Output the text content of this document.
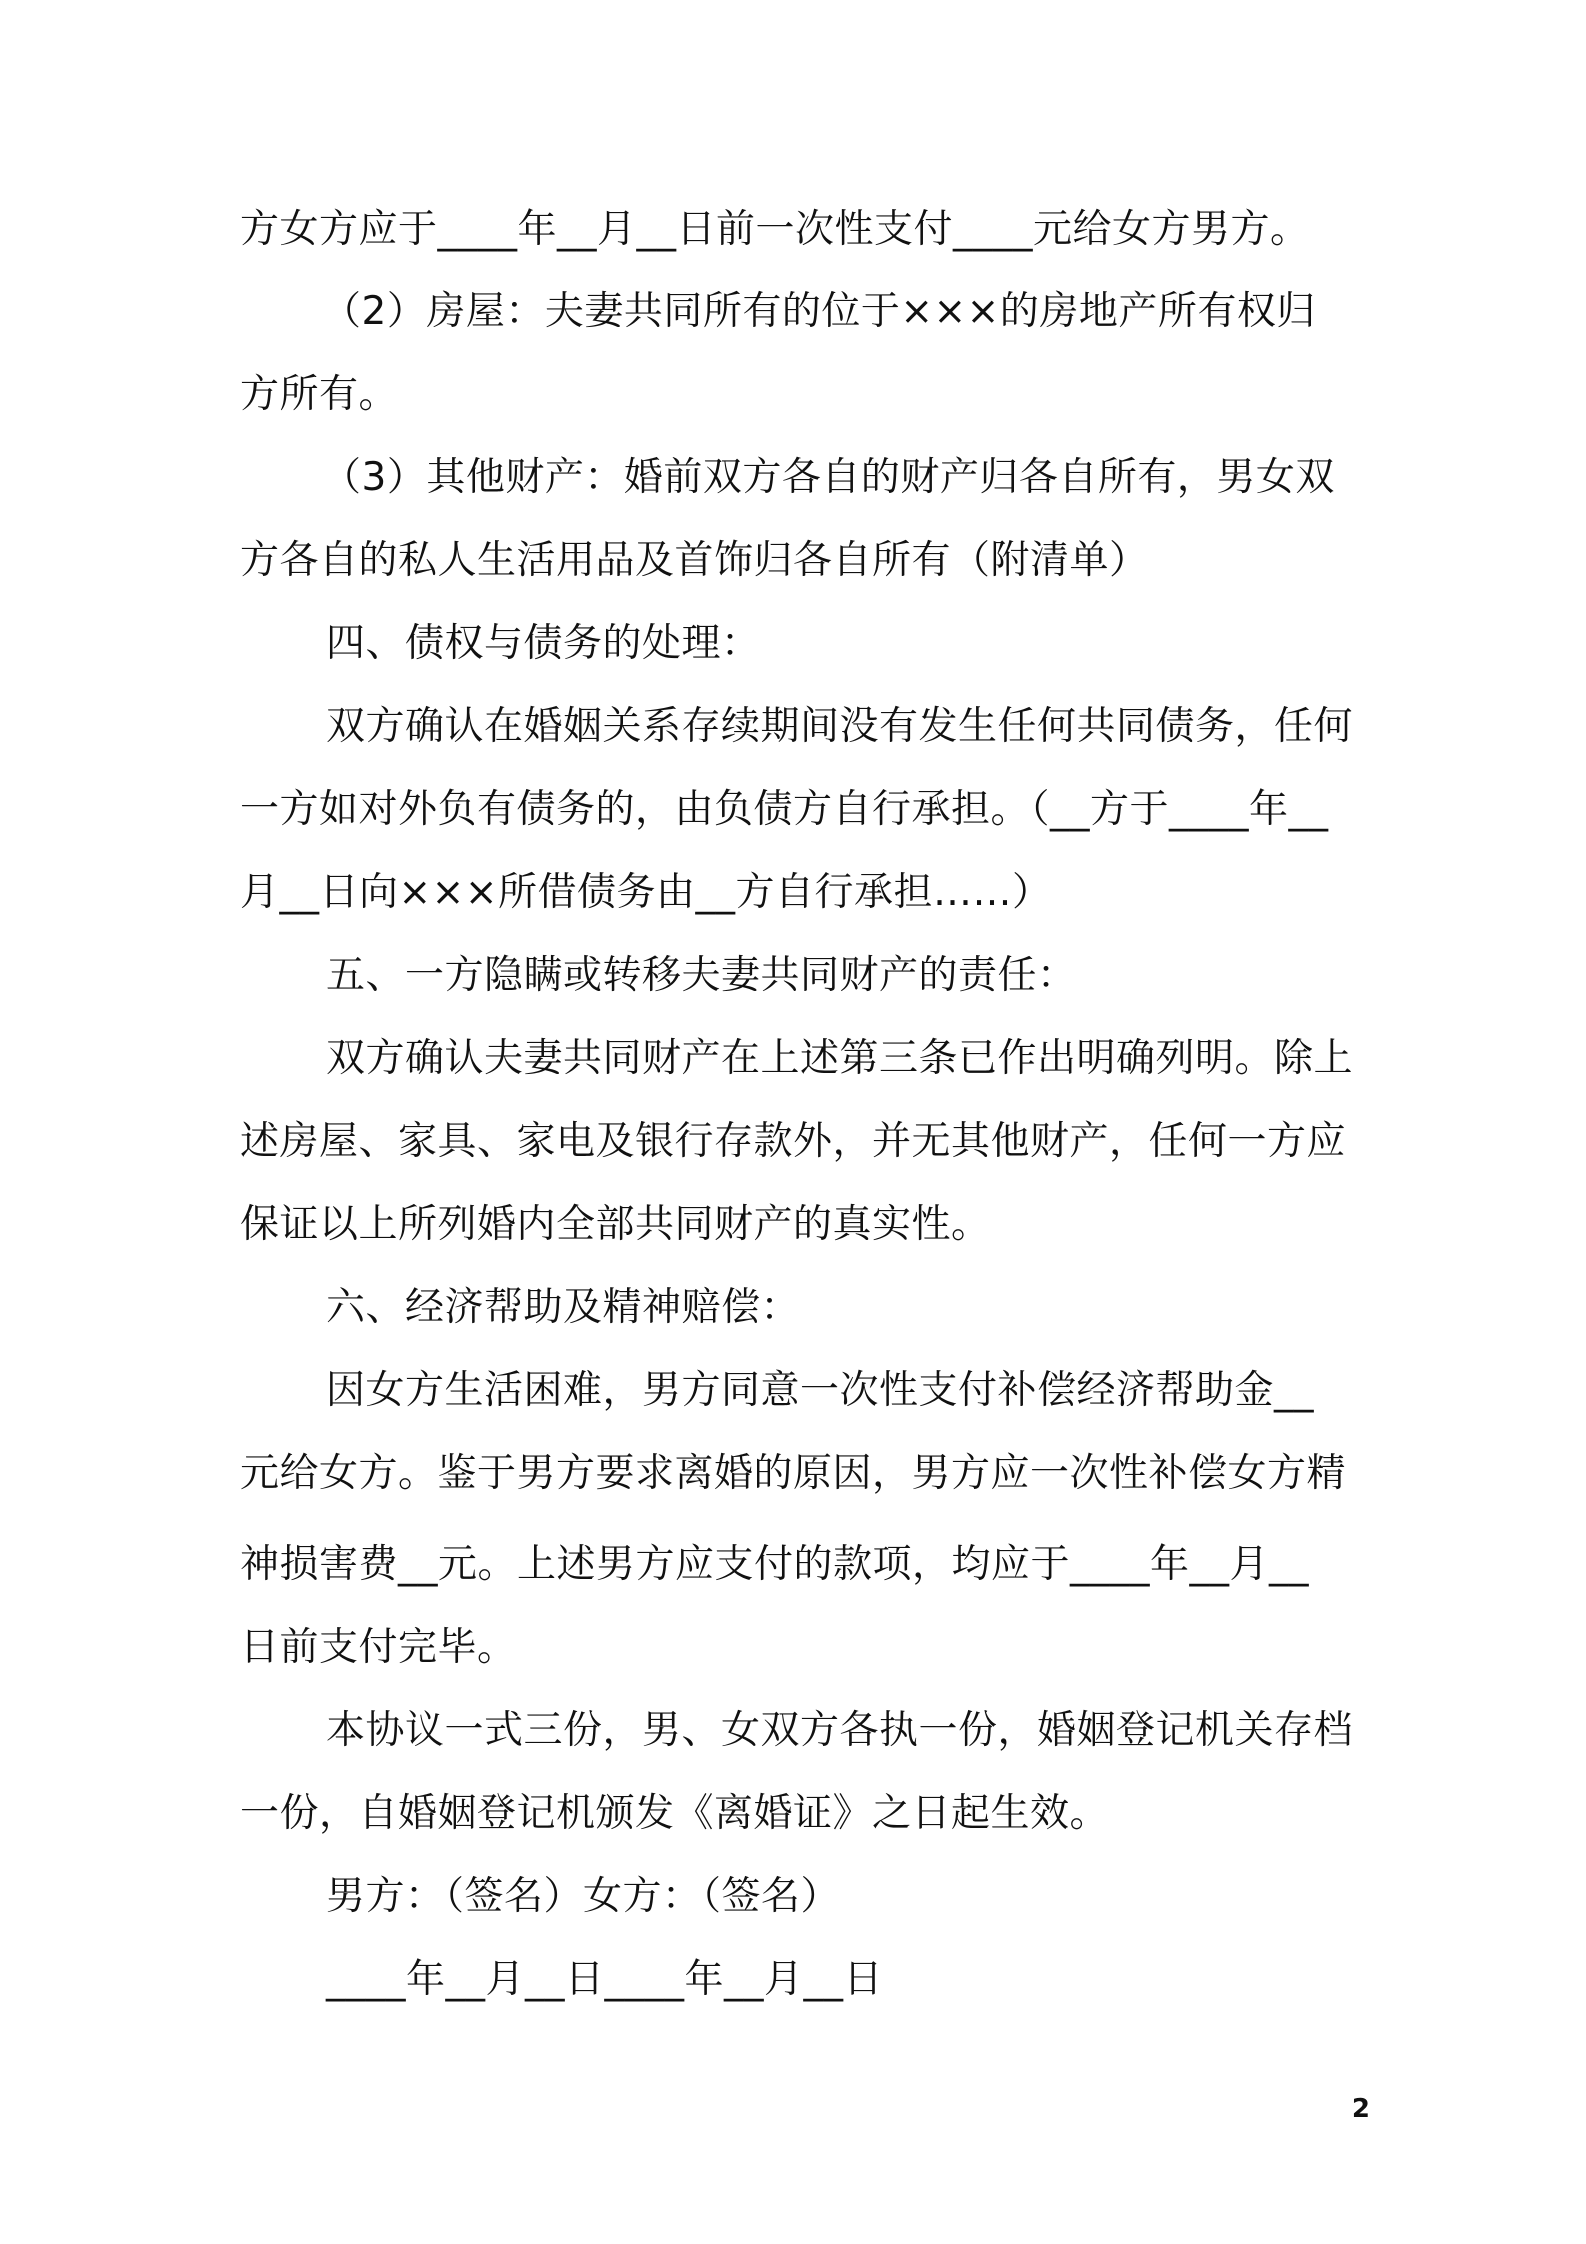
方女方应于____年__月__日前一次性支付____元给女方男方。
（2）房屋：夫妻共同所有的位于×××的房地产所有权归
方所有。
（3）其他财产：婚前双方各自的财产归各自所有，男女双
方各自的私人生活用品及首饰归各自所有（附清单）
四、债权与债务的处理：
双方确认在婚姻关系存续期间没有发生任何共同债务，任何
一方如对外负有债务的，由负债方自行承担。（__方于____年__
月__日向×××所借债务由__方自行承担……）
五、一方隐瞒或转移夫妻共同财产的责任：
双方确认夫妻共同财产在上述第三条已作出明确列明。除上
述房屋、家具、家电及银行存款外，并无其他财产，任何一方应
保证以上所列婚内全部共同财产的真实性。
六、经济帮助及精神赔偿：
因女方生活困难，男方同意一次性支付补偿经济帮助金__
元给女方。鉴于男方要求离婚的原因，男方应一次性补偿女方精
神损害费__元。上述男方应支付的款项，均应于____年__月__
日前支付完毕。
本协议一式三份，男、女双方各执一份，婚姻登记机关存档
一份，自婚姻登记机颁发《离婚证》之日起生效。
男方：（签名）女方：（签名）
____年__月__日____年__月__日
2
